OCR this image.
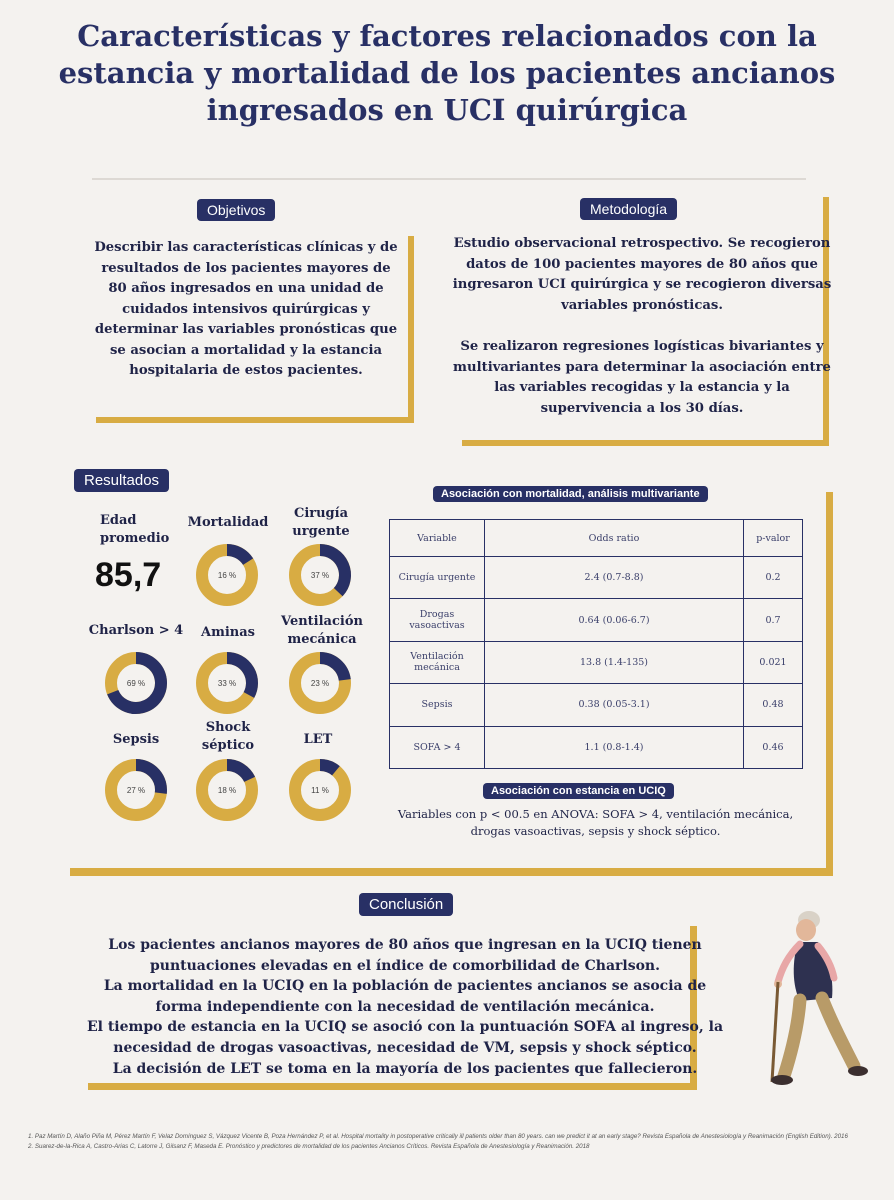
Características y factores relacionados con la estancia y mortalidad de los pacientes ancianos ingresados en UCI quirúrgica
Objetivos
Describir las características clínicas y de resultados de los pacientes mayores de 80 años ingresados en una unidad de cuidados intensivos quirúrgicas y determinar las variables pronósticas que se asocian a mortalidad y la estancia hospitalaria de estos pacientes.
Metodología
Estudio observacional retrospectivo. Se recogieron datos de 100 pacientes mayores de 80 años que ingresaron UCI quirúrgica y se recogieron diversas variables pronósticas.
Se realizaron regresiones logísticas bivariantes y multivariantes para determinar la asociación entre las variables recogidas y la estancia y la supervivencia a los 30 días.
Resultados
Edad promedio
85,7
Mortalidad
Cirugía urgente
Charlson > 4	Aminas
Ventilación mecánica
Sepsis
Shock séptico	LET
16 %	37 %
69 %	33 %	23 %
27 %	18 %	11 %
Asociación con mortalidad, análisis multivariante
Variable	Odds ratio	p-valor
Cirugía urgente	2.4 (0.7-8.8)	0.2
Drogas vasoactivas	0.64 (0.06-6.7)	0.7
Ventilación mecánica	13.8 (1.4-135)	0.021
Sepsis	0.38 (0.05-3.1)	0.48
SOFA > 4	1.1 (0.8-1.4)	0.46
Asociación con estancia en UCIQ
Variables con p < 00.5 en ANOVA: SOFA > 4, ventilación mecánica, drogas vasoactivas, sepsis y shock séptico.
Conclusión
Los pacientes ancianos mayores de 80 años que ingresan en la UCIQ tienen puntuaciones elevadas en el índice de comorbilidad de Charlson.
La mortalidad en la UCIQ en la población de pacientes ancianos se asocia de forma independiente con la necesidad de ventilación mecánica.
El tiempo de estancia en la UCIQ se asoció con la puntuación SOFA al ingreso, la necesidad de drogas vasoactivas, necesidad de VM, sepsis y shock séptico.
La decisión de LET se toma en la mayoría de los pacientes que fallecieron.
1. Paz Martín D, Alaño Piña M, Pérez Martín F, Velaz Domínguez S, Vázquez Vicente B, Poza Hernández P, et al. Hospital mortality in postoperative critically ill patients older than 80 years. can we predict it at an early stage? Revista Española de Anestesiología y Reanimación (English Edition). 2016
2. Suarez-de-la-Rica A, Castro-Arias C, Latorre J, Gilsanz F, Maseda E. Pronóstico y predictores de mortalidad de los pacientes Ancianos Críticos. Revista Española de Anestesiología y Reanimación. 2018
